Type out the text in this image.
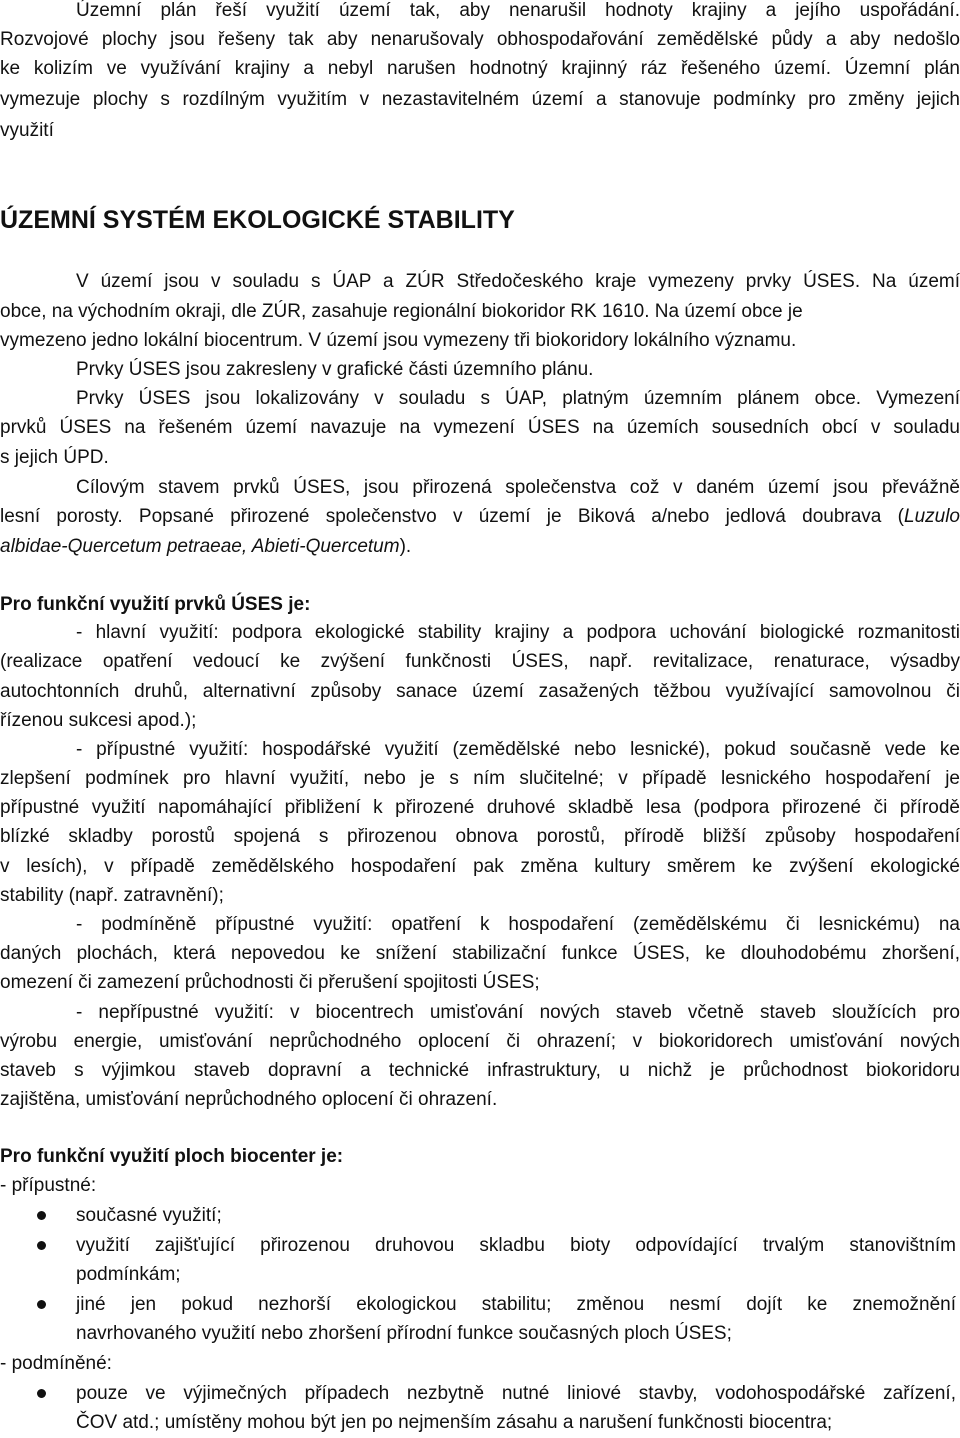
Územní plán řeší využití území tak, aby nenarušil hodnoty krajiny a jejího uspořádání.
Rozvojové plochy jsou řešeny tak aby nenarušovaly obhospodařování zemědělské půdy a aby nedošlo
ke kolizím ve využívání krajiny a nebyl narušen hodnotný krajinný ráz řešeného území. Územní plán
vymezuje plochy s rozdílným využitím v nezastavitelném území a stanovuje podmínky pro změny jejich
využití
ÚZEMNÍ SYSTÉM EKOLOGICKÉ STABILITY
V území jsou v souladu s ÚAP a ZÚR Středočeského kraje vymezeny prvky ÚSES. Na území
obce, na východním okraji, dle ZÚR, zasahuje regionální biokoridor RK 1610. Na území obce je
vymezeno jedno lokální biocentrum. V území jsou vymezeny tři biokoridory lokálního významu.
Prvky ÚSES jsou zakresleny v grafické části územního plánu.
Prvky ÚSES jsou lokalizovány v souladu s ÚAP, platným územním plánem obce. Vymezení
prvků ÚSES na řešeném území navazuje na vymezení ÚSES na územích sousedních obcí v souladu
s jejich ÚPD.
Cílovým stavem prvků ÚSES, jsou přirozená společenstva což v daném území jsou převážně
lesní porosty. Popsané přirozené společenstvo v území je Biková a/nebo jedlová doubrava (Luzulo
albidae-Quercetum petraeae, Abieti-Quercetum).
Pro funkční využití prvků ÚSES je:
- hlavní využití: podpora ekologické stability krajiny a podpora uchování biologické rozmanitosti
(realizace opatření vedoucí ke zvýšení funkčnosti ÚSES, např. revitalizace, renaturace, výsadby
autochtonních druhů, alternativní způsoby sanace území zasažených těžbou využívající samovolnou či
řízenou sukcesi apod.);
- přípustné využití: hospodářské využití (zemědělské nebo lesnické), pokud současně vede ke
zlepšení podmínek pro hlavní využití, nebo je s ním slučitelné; v případě lesnického hospodaření je
přípustné využití napomáhající přibližení k přirozené druhové skladbě lesa (podpora přirozené či přírodě
blízké skladby porostů spojená s přirozenou obnova porostů, přírodě bližší způsoby hospodaření
v lesích), v případě zemědělského hospodaření pak změna kultury směrem ke zvýšení ekologické
stability (např. zatravnění);
- podmíněně přípustné využití: opatření k hospodaření (zemědělskému či lesnickému) na
daných plochách, která nepovedou ke snížení stabilizační funkce ÚSES, ke dlouhodobému zhoršení,
omezení či zamezení průchodnosti či přerušení spojitosti ÚSES;
- nepřípustné využití: v biocentrech umisťování nových staveb včetně staveb sloužících pro
výrobu energie, umisťování neprůchodného oplocení či ohrazení; v biokoridorech umisťování nových
staveb s výjimkou staveb dopravní a technické infrastruktury, u nichž je průchodnost biokoridoru
zajištěna, umisťování neprůchodného oplocení či ohrazení.
Pro funkční využití ploch biocenter je:
- přípustné:
současné využití;
využití zajišťující přirozenou druhovou skladbu bioty odpovídající trvalým stanovištním
podmínkám;
jiné jen pokud nezhorší ekologickou stabilitu; změnou nesmí dojít ke znemožnění
navrhovaného využití nebo zhoršení přírodní funkce současných ploch ÚSES;
- podmíněné:
pouze ve výjimečných případech nezbytně nutné liniové stavby, vodohospodářské zařízení,
ČOV atd.; umístěny mohou být jen po nejmenším zásahu a narušení funkčnosti biocentra;
